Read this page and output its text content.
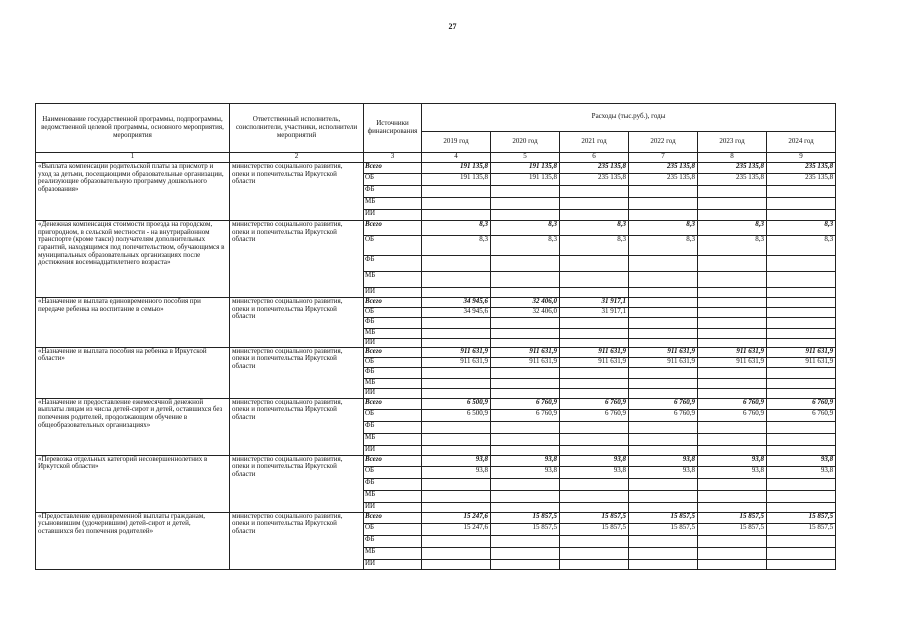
27
Наименование государственной программы, подпрограммы, ведомственной целевой программы, основного мероприятия, мероприятия	Ответственный исполнитель, соисполнители, участники, исполнители мероприятий	Источники финансирования	Расходы (тыс.руб.), годы					
			2019 год	2020 год	2021 год	2022 год	2023 год	2024 год
1	2	3	4	5	6	7	8	9
«Выплата компенсации родительской платы за присмотр и уход за детьми, посещающими образовательные организации, реализующие образовательную программу дошкольного образования»	министерство социального развития, опеки и попечительства Иркутской области	Всего	191 135,8	191 135,8	235 135,8	235 135,8	235 135,8	235 135,8
		ОБ	191 135,8	191 135,8	235 135,8	235 135,8	235 135,8	235 135,8
		ФБ						
		МБ						
		ИИ						
«Денежная компенсация стоимости проезда на городском, пригородном, в сельской местности - на внутрирайонном транспорте (кроме такси) получателям дополнительных гарантий, находящимся под попечительством, обучающимся в муниципальных образовательных организациях после достижения восемнадцатилетнего возраста»	министерство социального развития, опеки и попечительства Иркутской области	Всего	8,3	8,3	8,3	8,3	8,3	8,3
		ОБ	8,3	8,3	8,3	8,3	8,3	8,3
		ФБ						
		МБ						
		ИИ						
«Назначение и выплата единовременного пособия при передаче ребенка на воспитание в семью»	министерство социального развития, опеки и попечительства Иркутской области	Всего	34 945,6	32 406,0	31 917,1			
		ОБ	34 945,6	32 406,0	31 917,1			
		ФБ						
		МБ						
		ИИ						
«Назначение и выплата пособия на ребенка в Иркутской области»	министерство социального развития, опеки и попечительства Иркутской области	Всего	911 631,9	911 631,9	911 631,9	911 631,9	911 631,9	911 631,9
		ОБ	911 631,9	911 631,9	911 631,9	911 631,9	911 631,9	911 631,9
		ФБ						
		МБ						
		ИИ						
«Назначение и предоставление ежемесячной денежной выплаты лицам из числа детей-сирот и детей, оставшихся без попечения родителей, продолжающим обучение в общеобразовательных организациях»	министерство социального развития, опеки и попечительства Иркутской области	Всего	6 500,9	6 760,9	6 760,9	6 760,9	6 760,9	6 760,9
		ОБ	6 500,9	6 760,9	6 760,9	6 760,9	6 760,9	6 760,9
		ФБ						
		МБ						
		ИИ						
«Перевозка отдельных категорий несовершеннолетних в Иркутской области»	министерство социального развития, опеки и попечительства Иркутской области	Всего	93,8	93,8	93,8	93,8	93,8	93,8
		ОБ	93,8	93,8	93,8	93,8	93,8	93,8
		ФБ						
		МБ						
		ИИ						
«Предоставление единовременной выплаты гражданам, усыновившим (удочерившим) детей-сирот и детей, оставшихся без попечения родителей»	министерство социального развития, опеки и попечительства Иркутской области	Всего	15 247,6	15 857,5	15 857,5	15 857,5	15 857,5	15 857,5
		ОБ	15 247,6	15 857,5	15 857,5	15 857,5	15 857,5	15 857,5
		ФБ						
		МБ						
		ИИ						
